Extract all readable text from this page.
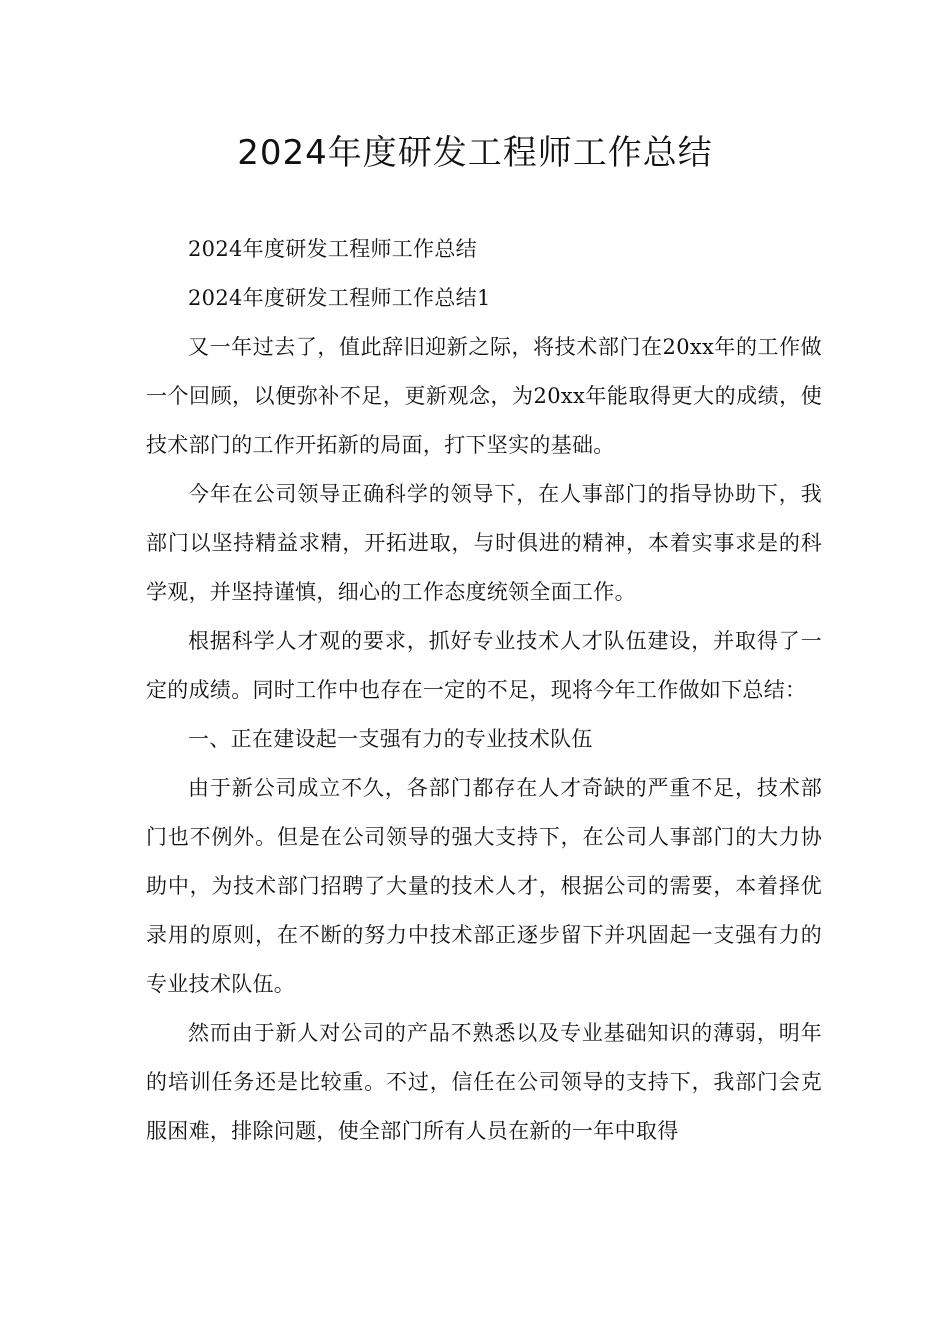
2024年度研发工程师工作总结

2024年度研发工程师工作总结

2024年度研发工程师工作总结1

又一年过去了，值此辞旧迎新之际，将技术部门在20xx年的工作做一个回顾，以便弥补不足，更新观念，为20xx年能取得更大的成绩，使技术部门的工作开拓新的局面，打下坚实的基础。

今年在公司领导正确科学的领导下，在人事部门的指导协助下，我部门以坚持精益求精，开拓进取，与时俱进的精神，本着实事求是的科学观，并坚持谨慎，细心的工作态度统领全面工作。

根据科学人才观的要求，抓好专业技术人才队伍建设，并取得了一定的成绩。同时工作中也存在一定的不足，现将今年工作做如下总结：

一、正在建设起一支强有力的专业技术队伍

由于新公司成立不久，各部门都存在人才奇缺的严重不足，技术部门也不例外。但是在公司领导的强大支持下，在公司人事部门的大力协助中，为技术部门招聘了大量的技术人才，根据公司的需要，本着择优录用的原则，在不断的努力中技术部正逐步留下并巩固起一支强有力的专业技术队伍。

然而由于新人对公司的产品不熟悉以及专业基础知识的薄弱，明年的培训任务还是比较重。不过，信任在公司领导的支持下，我部门会克服困难，排除问题，使全部门所有人员在新的一年中取得
